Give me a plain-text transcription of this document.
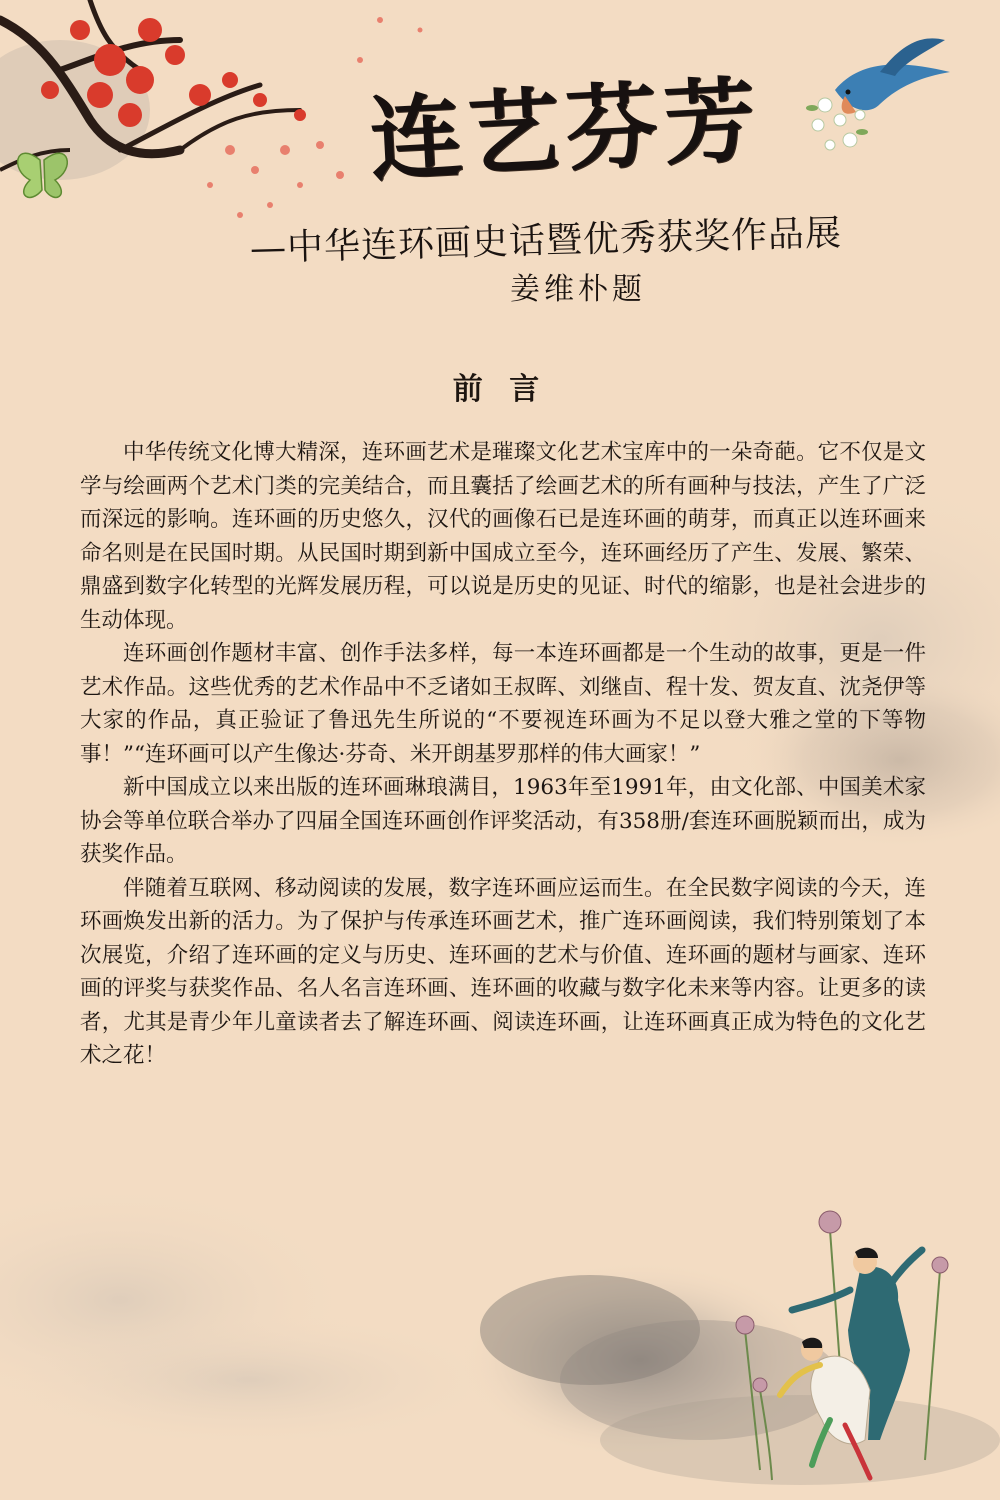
连艺芬芳
—中华连环画史话暨优秀获奖作品展
姜维朴题
前 言

中华传统文化博大精深，连环画艺术是璀璨文化艺术宝库中的一朵奇葩。它不仅是文学与绘画两个艺术门类的完美结合，而且囊括了绘画艺术的所有画种与技法，产生了广泛而深远的影响。连环画的历史悠久，汉代的画像石已是连环画的萌芽，而真正以连环画来命名则是在民国时期。从民国时期到新中国成立至今，连环画经历了产生、发展、繁荣、鼎盛到数字化转型的光辉发展历程，可以说是历史的见证、时代的缩影，也是社会进步的生动体现。

连环画创作题材丰富、创作手法多样，每一本连环画都是一个生动的故事，更是一件艺术作品。这些优秀的艺术作品中不乏诸如王叔晖、刘继卣、程十发、贺友直、沈尧伊等大家的作品，真正验证了鲁迅先生所说的“不要视连环画为不足以登大雅之堂的下等物事！”“连环画可以产生像达·芬奇、米开朗基罗那样的伟大画家！”

新中国成立以来出版的连环画琳琅满目，1963年至1991年，由文化部、中国美术家协会等单位联合举办了四届全国连环画创作评奖活动，有358册/套连环画脱颖而出，成为获奖作品。

伴随着互联网、移动阅读的发展，数字连环画应运而生。在全民数字阅读的今天，连环画焕发出新的活力。为了保护与传承连环画艺术，推广连环画阅读，我们特别策划了本次展览，介绍了连环画的定义与历史、连环画的艺术与价值、连环画的题材与画家、连环画的评奖与获奖作品、名人名言连环画、连环画的收藏与数字化未来等内容。让更多的读者，尤其是青少年儿童读者去了解连环画、阅读连环画，让连环画真正成为特色的文化艺术之花！
